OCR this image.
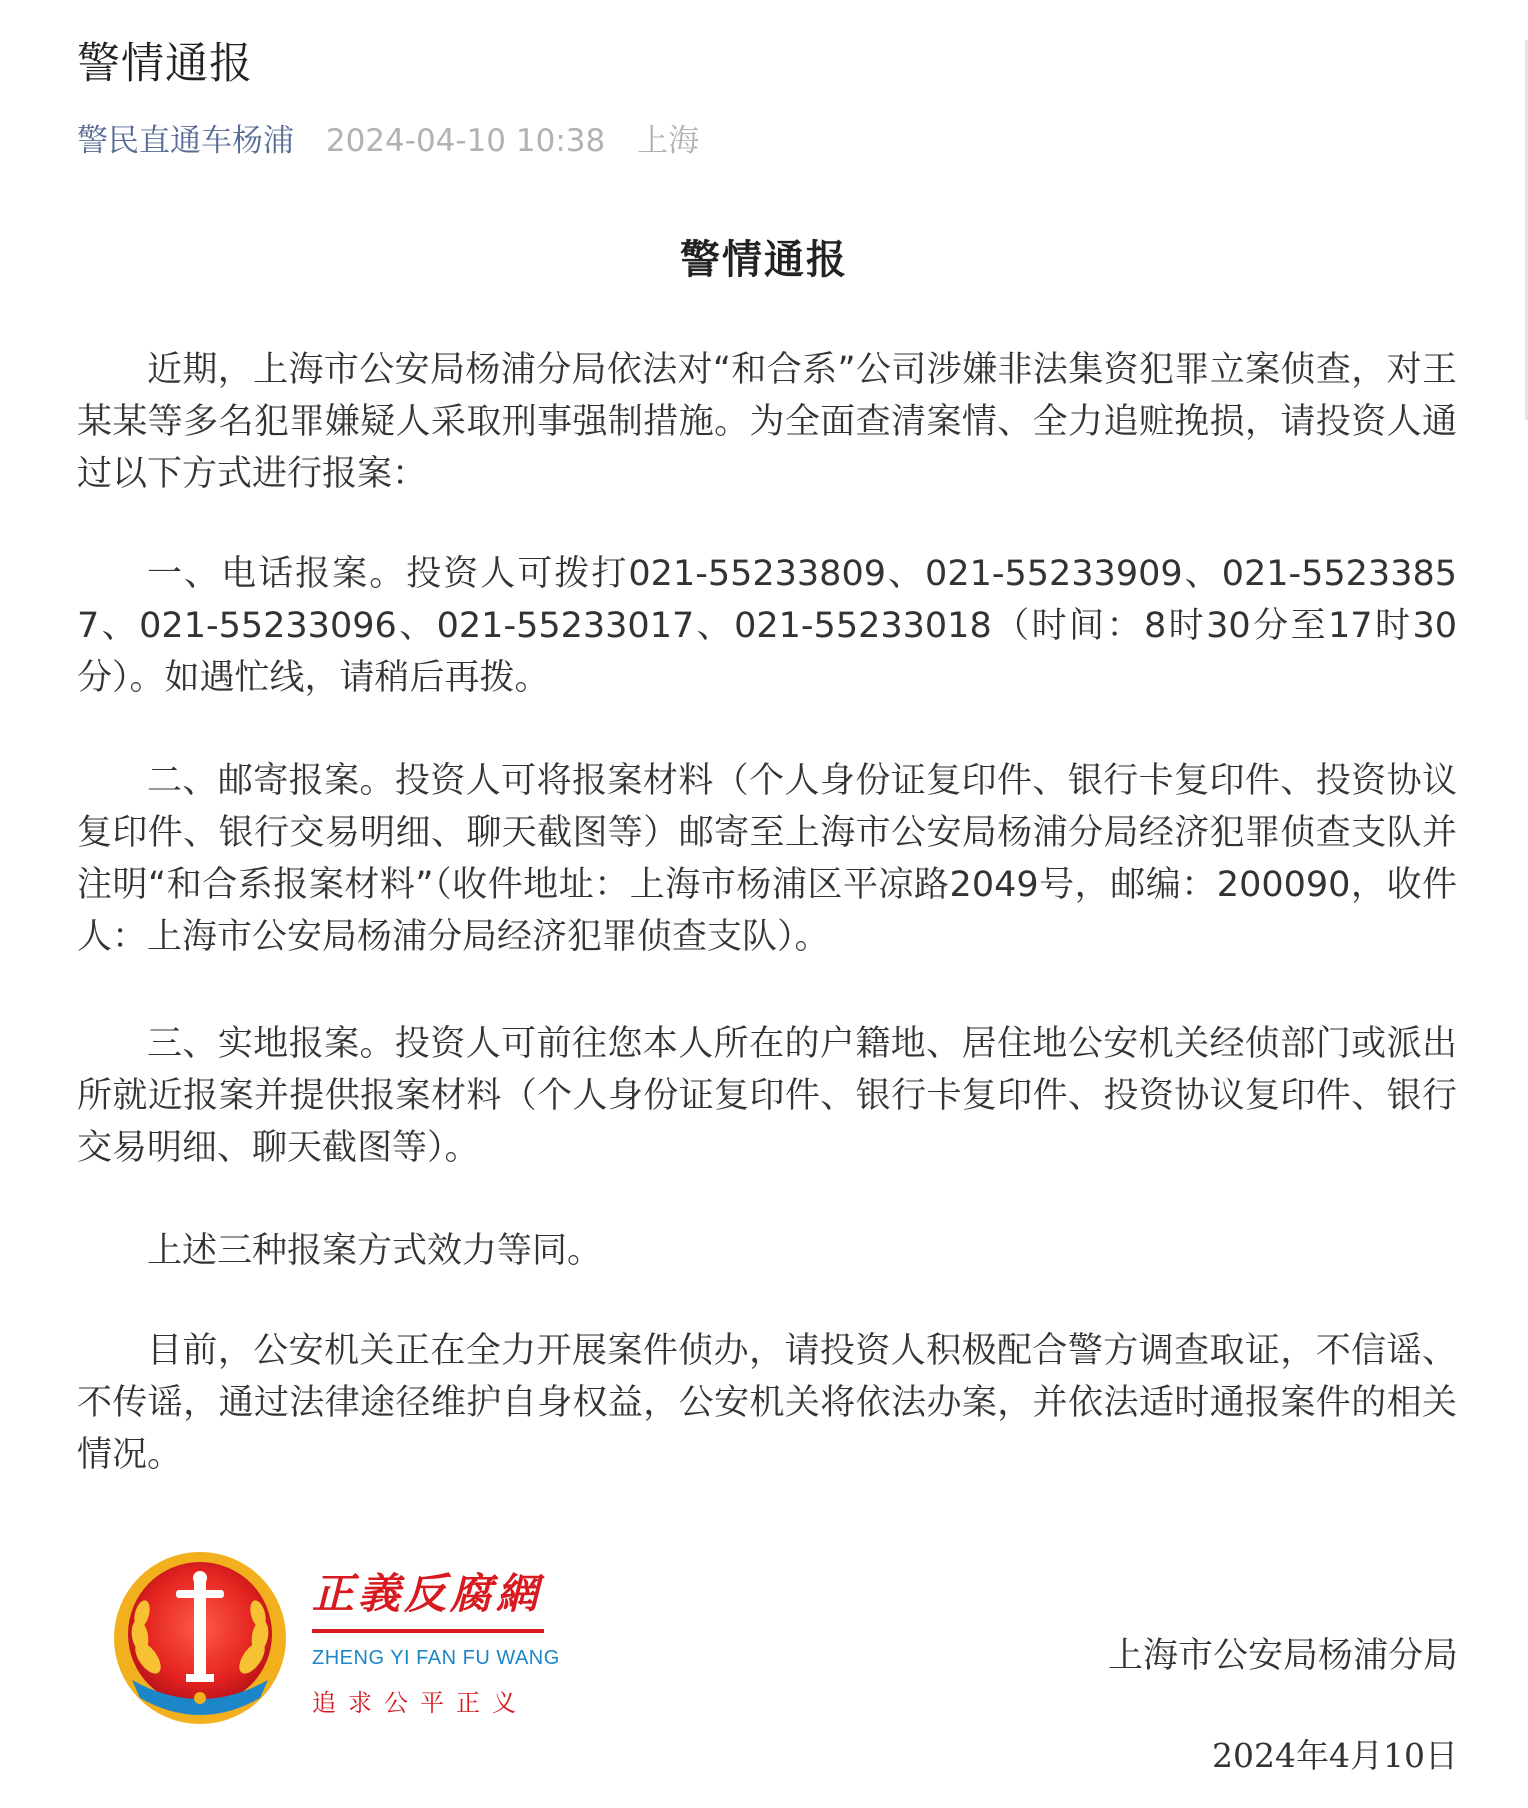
警情通报
警民直通车杨浦 2024-04-10 10:38 上海
警情通报

近期，上海市公安局杨浦分局依法对“和合系”公司涉嫌非法集资犯罪立案侦查，对王某某等多名犯罪嫌疑人采取刑事强制措施。为全面查清案情、全力追赃挽损，请投资人通过以下方式进行报案：

一、电话报案。投资人可拨打021-55233809、021-55233909、021-55233857、021-55233096、021-55233017、021-55233018（时间：8时30分至17时30分）。如遇忙线，请稍后再拨。

二、邮寄报案。投资人可将报案材料（个人身份证复印件、银行卡复印件、投资协议复印件、银行交易明细、聊天截图等）邮寄至上海市公安局杨浦分局经济犯罪侦查支队并注明“和合系报案材料”（收件地址：上海市杨浦区平凉路2049号，邮编：200090，收件人：上海市公安局杨浦分局经济犯罪侦查支队）。

三、实地报案。投资人可前往您本人所在的户籍地、居住地公安机关经侦部门或派出所就近报案并提供报案材料（个人身份证复印件、银行卡复印件、投资协议复印件、银行交易明细、聊天截图等）。

上述三种报案方式效力等同。

目前，公安机关正在全力开展案件侦办，请投资人积极配合警方调查取证，不信谣、不传谣，通过法律途径维护自身权益，公安机关将依法办案，并依法适时通报案件的相关情况。

正義反腐網
ZHENG YI FAN FU WANG
追求公平正义
上海市公安局杨浦分局
2024年4月10日
